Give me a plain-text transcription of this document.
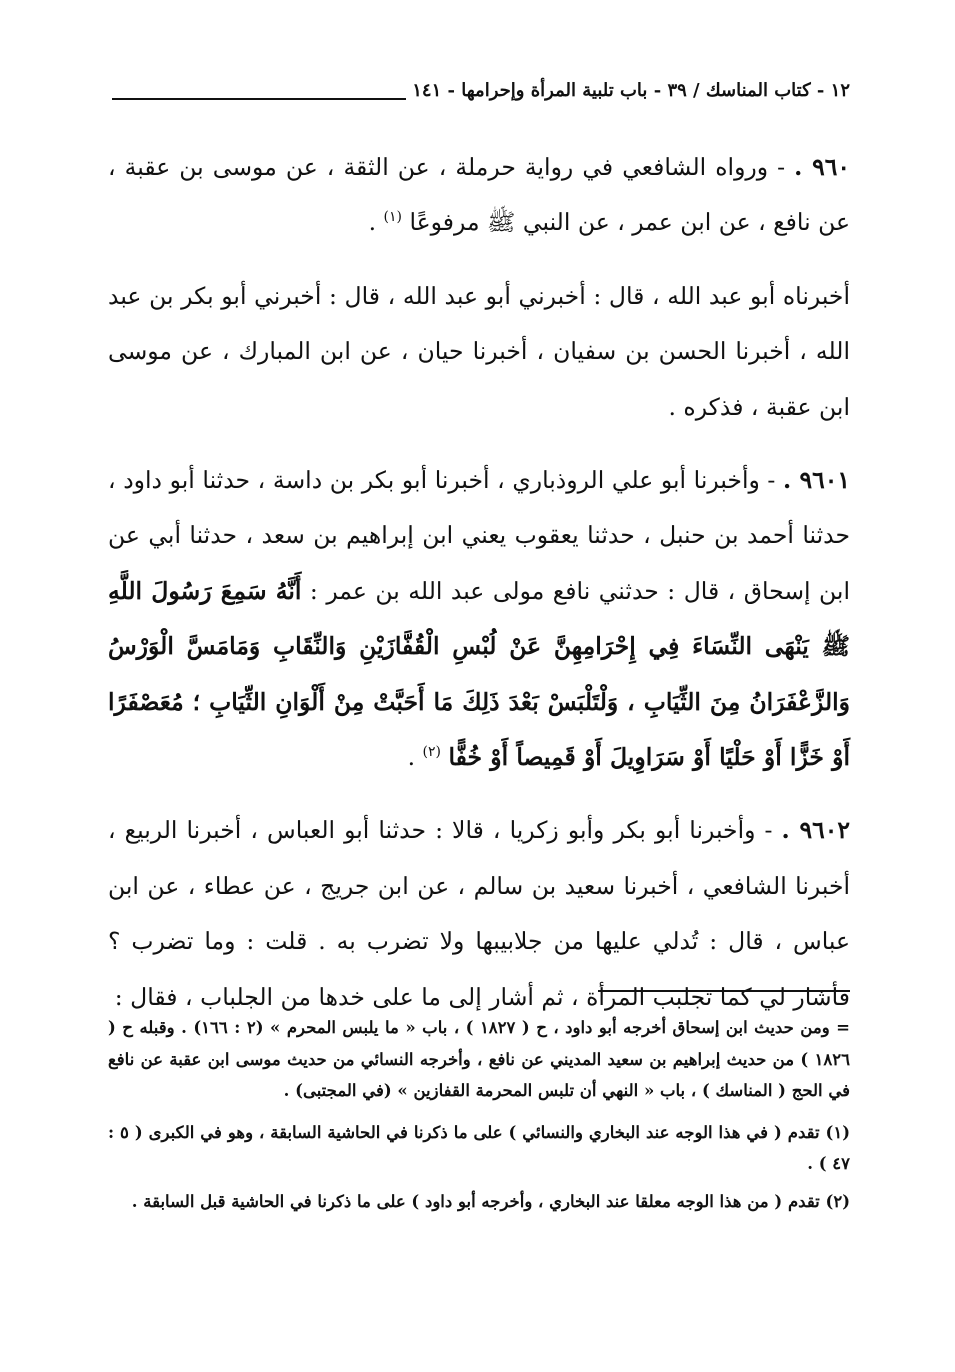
١٢ - كتاب المناسك / ٣٩ - باب تلبية المرأة وإحرامها - ١٤١

٩٦٠ . - ورواه الشافعي في رواية حرملة ، عن الثقة ، عن موسى بن عقبة ، عن نافع ، عن ابن عمر ، عن النبي ﷺ مرفوعًا $^{(١)}$ .

أخبرناه أبو عبد الله ، قال : أخبرني أبو عبد الله ، قال : أخبرني أبو بكر بن عبد الله ، أخبرنا الحسن بن سفيان ، أخبرنا حيان ، عن ابن المبارك ، عن موسى ابن عقبة ، فذكره .

٩٦٠١ . - وأخبرنا أبو علي الروذباري ، أخبرنا أبو بكر بن داسة ، حدثنا أبو داود ، حدثنا أحمد بن حنبل ، حدثنا يعقوب يعني ابن إبراهيم بن سعد ، حدثنا أبي عن ابن إسحاق ، قال : حدثني نافع مولى عبد الله بن عمر : أَنَّهُ سَمِعَ رَسُولَ اللَّهِ ﷺ يَنْهَى النِّسَاءَ فِي إِحْرَامِهِنَّ عَنْ لُبْسِ الْقُفَّازَيْنِ وَالنِّقَابِ وَمَامَسَّ الْوَرْسُ وَالزَّعْفَرَانُ مِنَ الثِّيَابِ ، وَلْتَلْبَسْ بَعْدَ ذَلِكَ مَا أَحَبَّتْ مِنْ أَلْوَانِ الثِّيَابِ ؛ مُعَصْفَرًا أَوْ خَزًّا أَوْ حَلْيًا أَوْ سَرَاوِيلَ أَوْ قَمِيصاً أَوْ خُفًّا $^{(٢)}$ .

٩٦٠٢ . - وأخبرنا أبو بكر وأبو زكريا ، قالا : حدثنا أبو العباس ، أخبرنا الربيع ، أخبرنا الشافعي ، أخبرنا سعيد بن سالم ، عن ابن جريج ، عن عطاء ، عن ابن عباس ، قال : تُدلي عليها من جلابيبها ولا تضرب به . قلت : وما تضرب ؟ فأشار لي كما تجلبب المرأة ، ثم أشار إلى ما على خدها من الجلباب ، فقال :

= ومن حديث ابن إسحاق أخرجه أبو داود ، ح ( ١٨٢٧ ) ، باب « ما يلبس المحرم » (٢ : ١٦٦) . وقبله ح ( ١٨٢٦ ) من حديث إبراهيم بن سعيد المديني عن نافع ، وأخرجه النسائي من حديث موسى ابن عقبة عن نافع في الحج ( المناسك ) ، باب « النهي أن تلبس المحرمة القفازين » (في المجتبى) .

(١) تقدم ( في هذا الوجه عند البخاري والنسائي ) على ما ذكرنا في الحاشية السابقة ، وهو في الكبرى ( ٥ : ٤٧ ) .

(٢) تقدم ( من هذا الوجه معلقا عند البخاري ، وأخرجه أبو داود ) على ما ذكرنا في الحاشية قبل السابقة .
